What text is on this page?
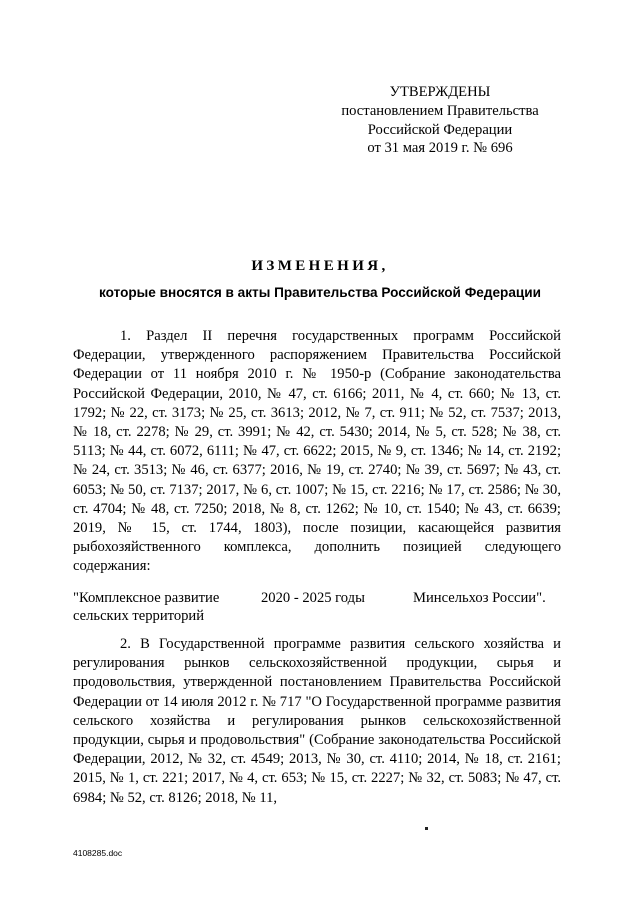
УТВЕРЖДЕНЫ
постановлением Правительства
Российской Федерации
от 31 мая 2019 г. № 696
ИЗМЕНЕНИЯ,
которые вносятся в акты Правительства Российской Федерации
1. Раздел II перечня государственных программ Российской Федерации, утвержденного распоряжением Правительства Российской Федерации от 11 ноября 2010 г. № 1950-р (Собрание законодательства Российской Федерации, 2010, № 47, ст. 6166; 2011, № 4, ст. 660; № 13, ст. 1792; № 22, ст. 3173; № 25, ст. 3613; 2012, № 7, ст. 911; № 52, ст. 7537; 2013, № 18, ст. 2278; № 29, ст. 3991; № 42, ст. 5430; 2014, № 5, ст. 528; № 38, ст. 5113; № 44, ст. 6072, 6111; № 47, ст. 6622; 2015, № 9, ст. 1346; № 14, ст. 2192; № 24, ст. 3513; № 46, ст. 6377; 2016, № 19, ст. 2740; № 39, ст. 5697; № 43, ст. 6053; № 50, ст. 7137; 2017, № 6, ст. 1007; № 15, ст. 2216; № 17, ст. 2586; № 30, ст. 4704; № 48, ст. 7250; 2018, № 8, ст. 1262; № 10, ст. 1540; № 43, ст. 6639; 2019, № 15, ст. 1744, 1803), после позиции, касающейся развития рыбохозяйственного комплекса, дополнить позицией следующего содержания:
"Комплексное развитие сельских территорий
2020 - 2025 годы	Минсельхоз России".
2. В Государственной программе развития сельского хозяйства и регулирования рынков сельскохозяйственной продукции, сырья и продовольствия, утвержденной постановлением Правительства Российской Федерации от 14 июля 2012 г. № 717 "О Государственной программе развития сельского хозяйства и регулирования рынков сельскохозяйственной продукции, сырья и продовольствия" (Собрание законодательства Российской Федерации, 2012, № 32, ст. 4549; 2013, № 30, ст. 4110; 2014, № 18, ст. 2161; 2015, № 1, ст. 221; 2017, № 4, ст. 653; № 15, ст. 2227; № 32, ст. 5083; № 47, ст. 6984; № 52, ст. 8126; 2018, № 11,
4108285.doc
